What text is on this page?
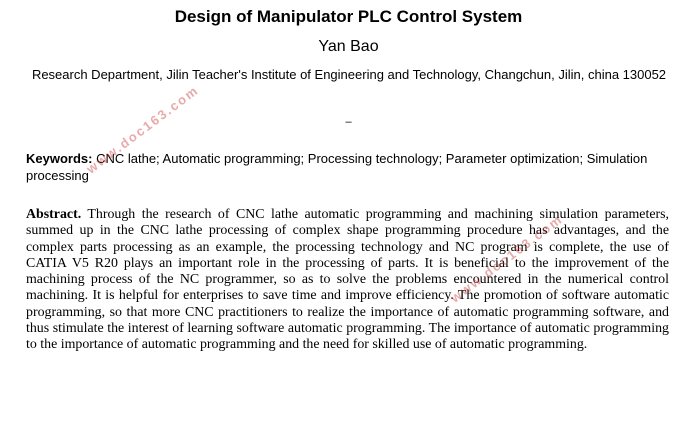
Design of Manipulator PLC Control System
Yan Bao
Research Department, Jilin Teacher's Institute of Engineering and Technology, Changchun, Jilin, china 130052
–
Keywords: CNC lathe; Automatic programming; Processing technology; Parameter optimization; Simulation processing
Abstract. Through the research of CNC lathe automatic programming and machining simulation parameters, summed up in the CNC lathe processing of complex shape programming procedure has advantages, and the complex parts processing as an example, the processing technology and NC program is complete, the use of CATIA V5 R20 plays an important role in the processing of parts. It is beneficial to the improvement of the machining process of the NC programmer, so as to solve the problems encountered in the numerical control machining. It is helpful for enterprises to save time and improve efficiency. The promotion of software automatic programming, so that more CNC practitioners to realize the importance of automatic programming software, and thus stimulate the interest of learning software automatic programming. The importance of automatic programming to the importance of automatic programming and the need for skilled use of automatic programming.
www.doc163.com
www.doc163.com
